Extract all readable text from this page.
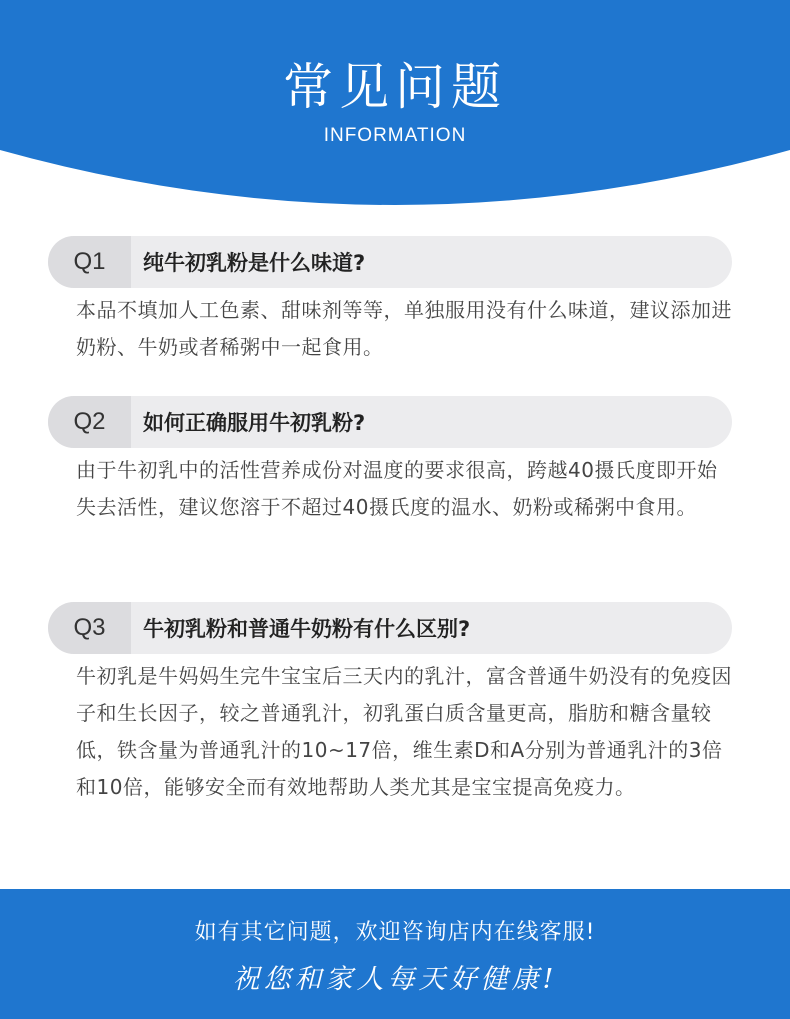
常见问题
INFORMATION
Q1	纯牛初乳粉是什么味道?
本品不填加人工色素、甜味剂等等，单独服用没有什么味道，建议添加进奶粉、牛奶或者稀粥中一起食用。
Q2	如何正确服用牛初乳粉?
由于牛初乳中的活性营养成份对温度的要求很高，跨越40摄氏度即开始失去活性，建议您溶于不超过40摄氏度的温水、奶粉或稀粥中食用。
Q3	牛初乳粉和普通牛奶粉有什么区别?
牛初乳是牛妈妈生完牛宝宝后三天内的乳汁，富含普通牛奶没有的免疫因子和生长因子，较之普通乳汁，初乳蛋白质含量更高，脂肪和糖含量较低，铁含量为普通乳汁的10~17倍，维生素D和A分别为普通乳汁的3倍和10倍，能够安全而有效地帮助人类尤其是宝宝提高免疫力。
如有其它问题，欢迎咨询店内在线客服!
祝您和家人每天好健康!
